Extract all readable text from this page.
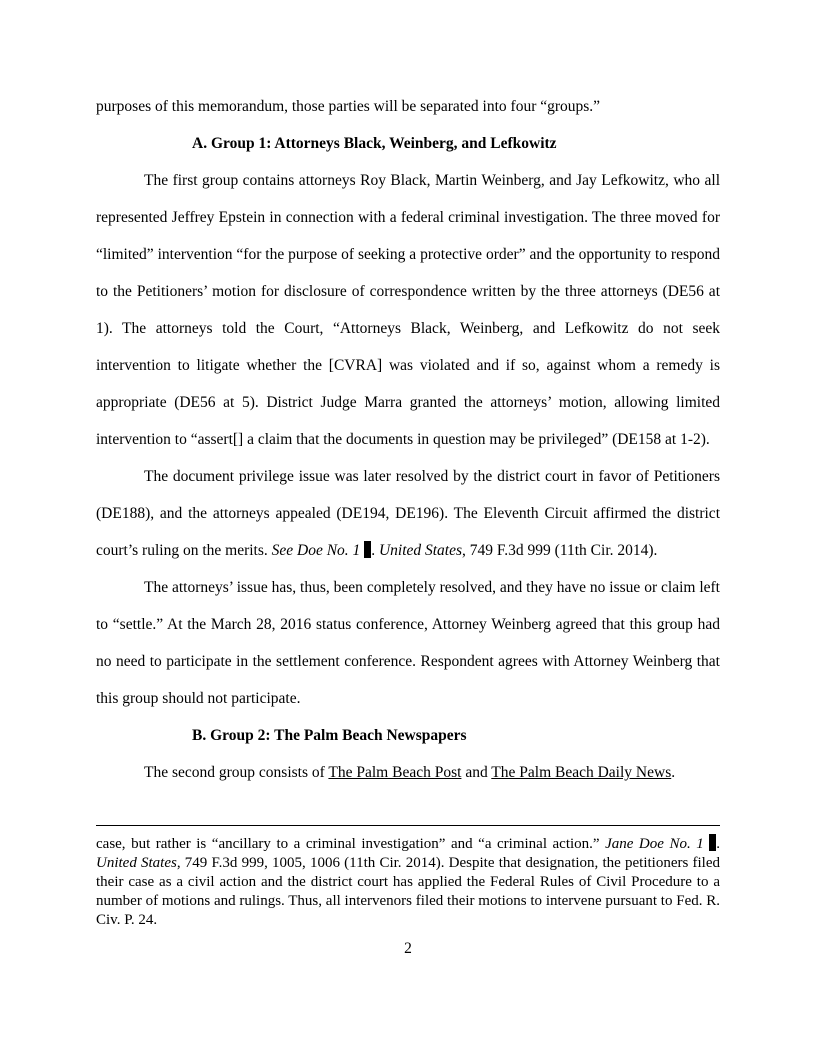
purposes of this memorandum, those parties will be separated into four “groups.”

A. Group 1: Attorneys Black, Weinberg, and Lefkowitz

The first group contains attorneys Roy Black, Martin Weinberg, and Jay Lefkowitz, who all represented Jeffrey Epstein in connection with a federal criminal investigation. The three moved for “limited” intervention “for the purpose of seeking a protective order” and the opportunity to respond to the Petitioners’ motion for disclosure of correspondence written by the three attorneys (DE56 at 1). The attorneys told the Court, “Attorneys Black, Weinberg, and Lefkowitz do not seek intervention to litigate whether the [CVRA] was violated and if so, against whom a remedy is appropriate (DE56 at 5). District Judge Marra granted the attorneys’ motion, allowing limited intervention to “assert[] a claim that the documents in question may be privileged” (DE158 at 1-2).

The document privilege issue was later resolved by the district court in favor of Petitioners (DE188), and the attorneys appealed (DE194, DE196). The Eleventh Circuit affirmed the district court’s ruling on the merits. See Doe No. 1 . United States, 749 F.3d 999 (11th Cir. 2014).

The attorneys’ issue has, thus, been completely resolved, and they have no issue or claim left to “settle.” At the March 28, 2016 status conference, Attorney Weinberg agreed that this group had no need to participate in the settlement conference. Respondent agrees with Attorney Weinberg that this group should not participate.

B. Group 2: The Palm Beach Newspapers

The second group consists of The Palm Beach Post and The Palm Beach Daily News.

case, but rather is “ancillary to a criminal investigation” and “a criminal action.” Jane Doe No. 1 . United States, 749 F.3d 999, 1005, 1006 (11th Cir. 2014). Despite that designation, the petitioners filed their case as a civil action and the district court has applied the Federal Rules of Civil Procedure to a number of motions and rulings. Thus, all intervenors filed their motions to intervene pursuant to Fed. R. Civ. P. 24.

2
